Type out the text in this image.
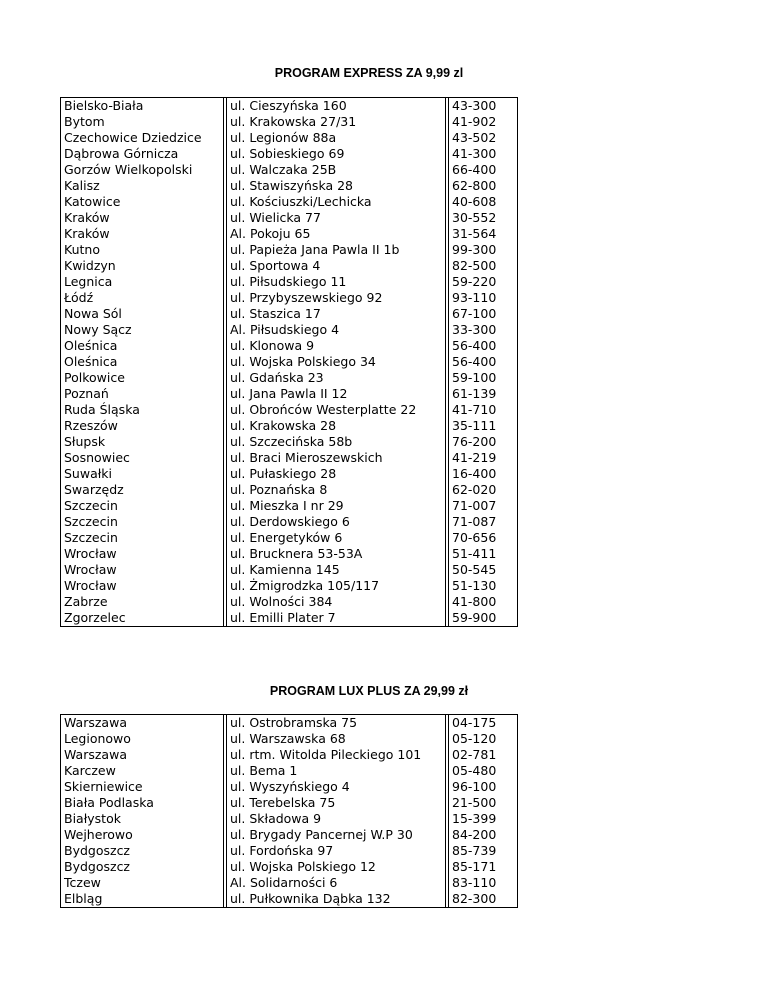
PROGRAM EXPRESS ZA 9,99 zl
Bielsko-Biała		ul. Cieszyńska 160		43-300
Bytom		ul. Krakowska 27/31		41-902
Czechowice Dziedzice		ul. Legionów 88a		43-502
Dąbrowa Górnicza		ul. Sobieskiego 69		41-300
Gorzów Wielkopolski		ul. Walczaka 25B		66-400
Kalisz		ul. Stawiszyńska 28		62-800
Katowice		ul. Kościuszki/Lechicka		40-608
Kraków		ul. Wielicka 77		30-552
Kraków		Al. Pokoju 65		31-564
Kutno		ul. Papieża Jana Pawla II 1b		99-300
Kwidzyn		ul. Sportowa 4		82-500
Legnica		ul. Piłsudskiego 11		59-220
Łódź		ul. Przybyszewskiego 92		93-110
Nowa Sól		ul. Staszica 17		67-100
Nowy Sącz		Al. Piłsudskiego 4		33-300
Oleśnica		ul. Klonowa 9		56-400
Oleśnica		ul. Wojska Polskiego 34		56-400
Polkowice		ul. Gdańska 23		59-100
Poznań		ul. Jana Pawla II 12		61-139
Ruda Śląska		ul. Obrońców Westerplatte 22		41-710
Rzeszów		ul. Krakowska 28		35-111
Słupsk		ul. Szczecińska 58b		76-200
Sosnowiec		ul. Braci Mieroszewskich		41-219
Suwałki		ul. Pułaskiego 28		16-400
Swarzędz		ul. Poznańska 8		62-020
Szczecin		ul. Mieszka I nr 29		71-007
Szczecin		ul. Derdowskiego 6		71-087
Szczecin		ul. Energetyków 6		70-656
Wrocław		ul. Brucknera 53-53A		51-411
Wrocław		ul. Kamienna 145		50-545
Wrocław		ul. Żmigrodzka 105/117		51-130
Zabrze		ul. Wolności 384		41-800
Zgorzelec		ul. Emilli Plater 7		59-900
PROGRAM LUX PLUS ZA 29,99 zł
Warszawa		ul. Ostrobramska 75		04-175
Legionowo		ul. Warszawska 68		05-120
Warszawa		ul. rtm. Witolda Pileckiego 101		02-781
Karczew		ul. Bema 1		05-480
Skierniewice		ul. Wyszyńskiego 4		96-100
Biała Podlaska		ul. Terebelska 75		21-500
Białystok		ul. Składowa 9		15-399
Wejherowo		ul. Brygady Pancernej W.P 30		84-200
Bydgoszcz		ul. Fordońska 97		85-739
Bydgoszcz		ul. Wojska Polskiego 12		85-171
Tczew		Al. Solidarności 6		83-110
Elbląg		ul. Pułkownika Dąbka 132		82-300
